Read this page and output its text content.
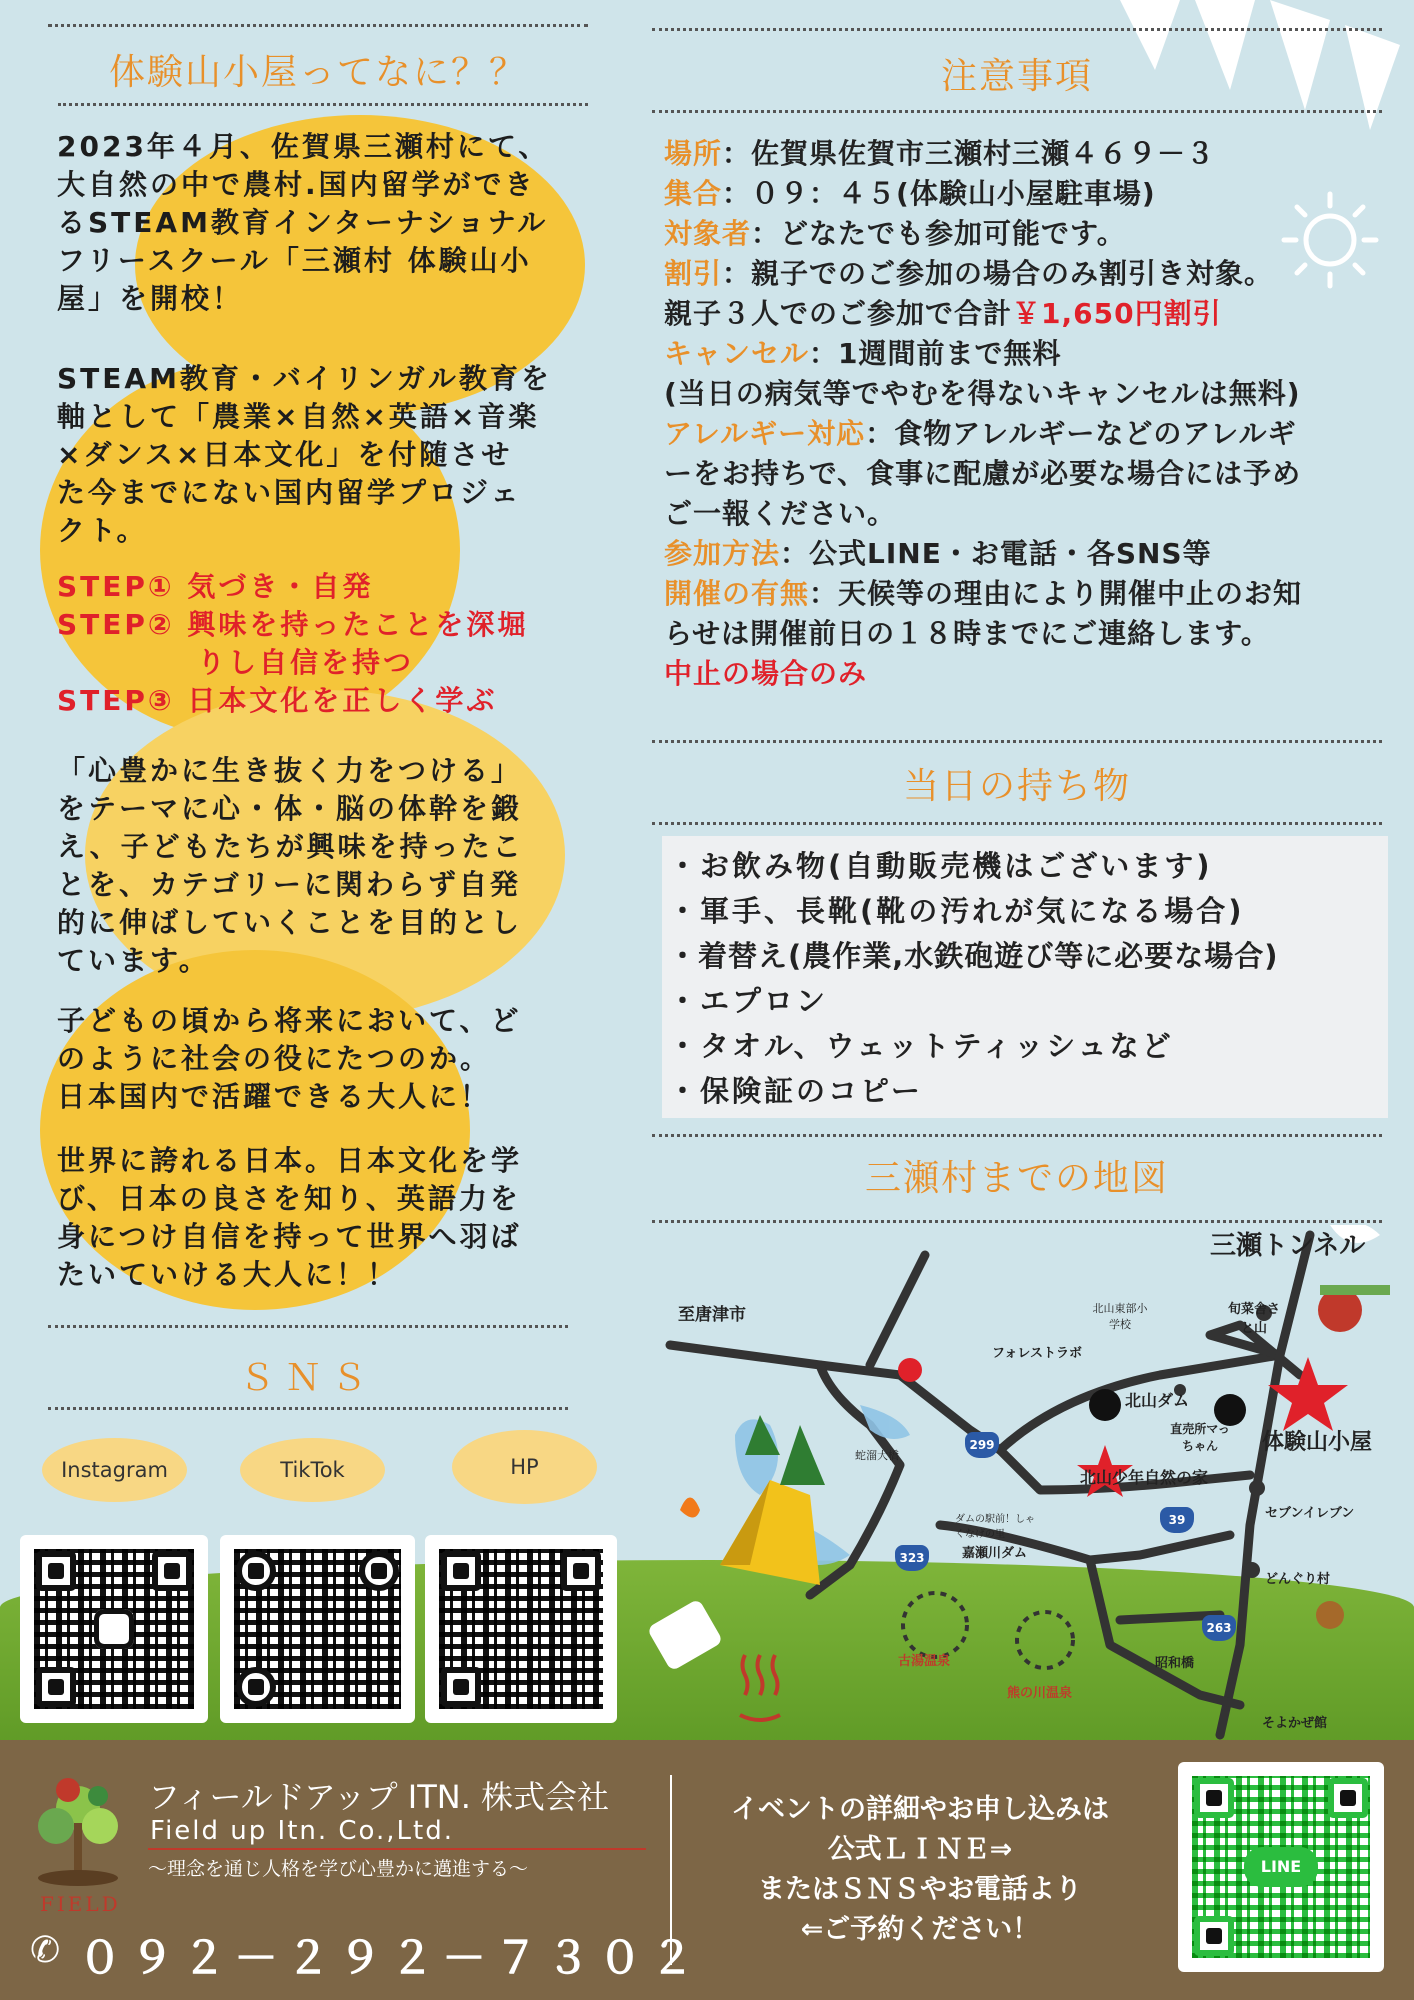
体験山小屋ってなに？？
2023年４月、佐賀県三瀬村にて、
大自然の中で農村.国内留学ができ
るSTEAM教育インターナショナル
フリースクール「三瀬村 体験山小
屋」を開校！
STEAM教育・バイリンガル教育を
軸として「農業×自然×英語×音楽
×ダンス×日本文化」を付随させ
た今までにない国内留学プロジェ
クト。
STEP① 気づき・自発
STEP② 興味を持ったことを深堀
りし自信を持つ
STEP③ 日本文化を正しく学ぶ
「心豊かに生き抜く力をつける」
をテーマに心・体・脳の体幹を鍛
え、子どもたちが興味を持ったこ
とを、カテゴリーに関わらず自発
的に伸ばしていくことを目的とし
ています。
子どもの頃から将来において、ど
のように社会の役にたつのか。
日本国内で活躍できる大人に！
世界に誇れる日本。日本文化を学
び、日本の良さを知り、英語力を
身につけ自信を持って世界へ羽ば
たいていける大人に！！
ＳＮＳ
Instagram	TikTok	HP
注意事項
場所：佐賀県佐賀市三瀬村三瀬４６９－３
集合：０９：４５(体験山小屋駐車場)
対象者：どなたでも参加可能です。
割引：親子でのご参加の場合のみ割引き対象。
親子３人でのご参加で合計￥1,650円割引
キャンセル：1週間前まで無料
(当日の病気等でやむを得ないキャンセルは無料)
アレルギー対応：食物アレルギーなどのアレルギ
ーをお持ちで、食事に配慮が必要な場合には予め
ご一報ください。
参加方法：公式LINE・お電話・各SNS等
開催の有無：天候等の理由により開催中止のお知
らせは開催前日の１８時までにご連絡します。
中止の場合のみ
当日の持ち物
・お飲み物(自動販売機はございます)
・軍手、長靴(靴の汚れが気になる場合)
・着替え(農作業,水鉄砲遊び等に必要な場合)
・エプロン
・タオル、ウェットティッシュなど
・保険証のコピー
三瀬村までの地図
三瀬トンネル
至唐津市	北山東部小学校
旬菜舎さと山
フォレストラボ
北山ダム
直売所マっちゃん	体験山小屋
北山少年自然の家
セブンイレブン
蛇溜大橋
ダムの駅前！しゃくなげの里
嘉瀬川ダム
どんぐり村
古湯温泉	昭和橋
熊の川温泉
そよかぜ館
299
323
39
263
FIELD
フィールドアップ ITN. 株式会社
Field up Itn. Co.,Ltd.
～理念を通じ人格を学び心豊かに邁進する～
✆ ０９２－２９２－７３０２
イベントの詳細やお申し込みは
公式ＬＩＮＥ⇒
またはＳＮＳやお電話より
⇐ご予約ください！
LINE
